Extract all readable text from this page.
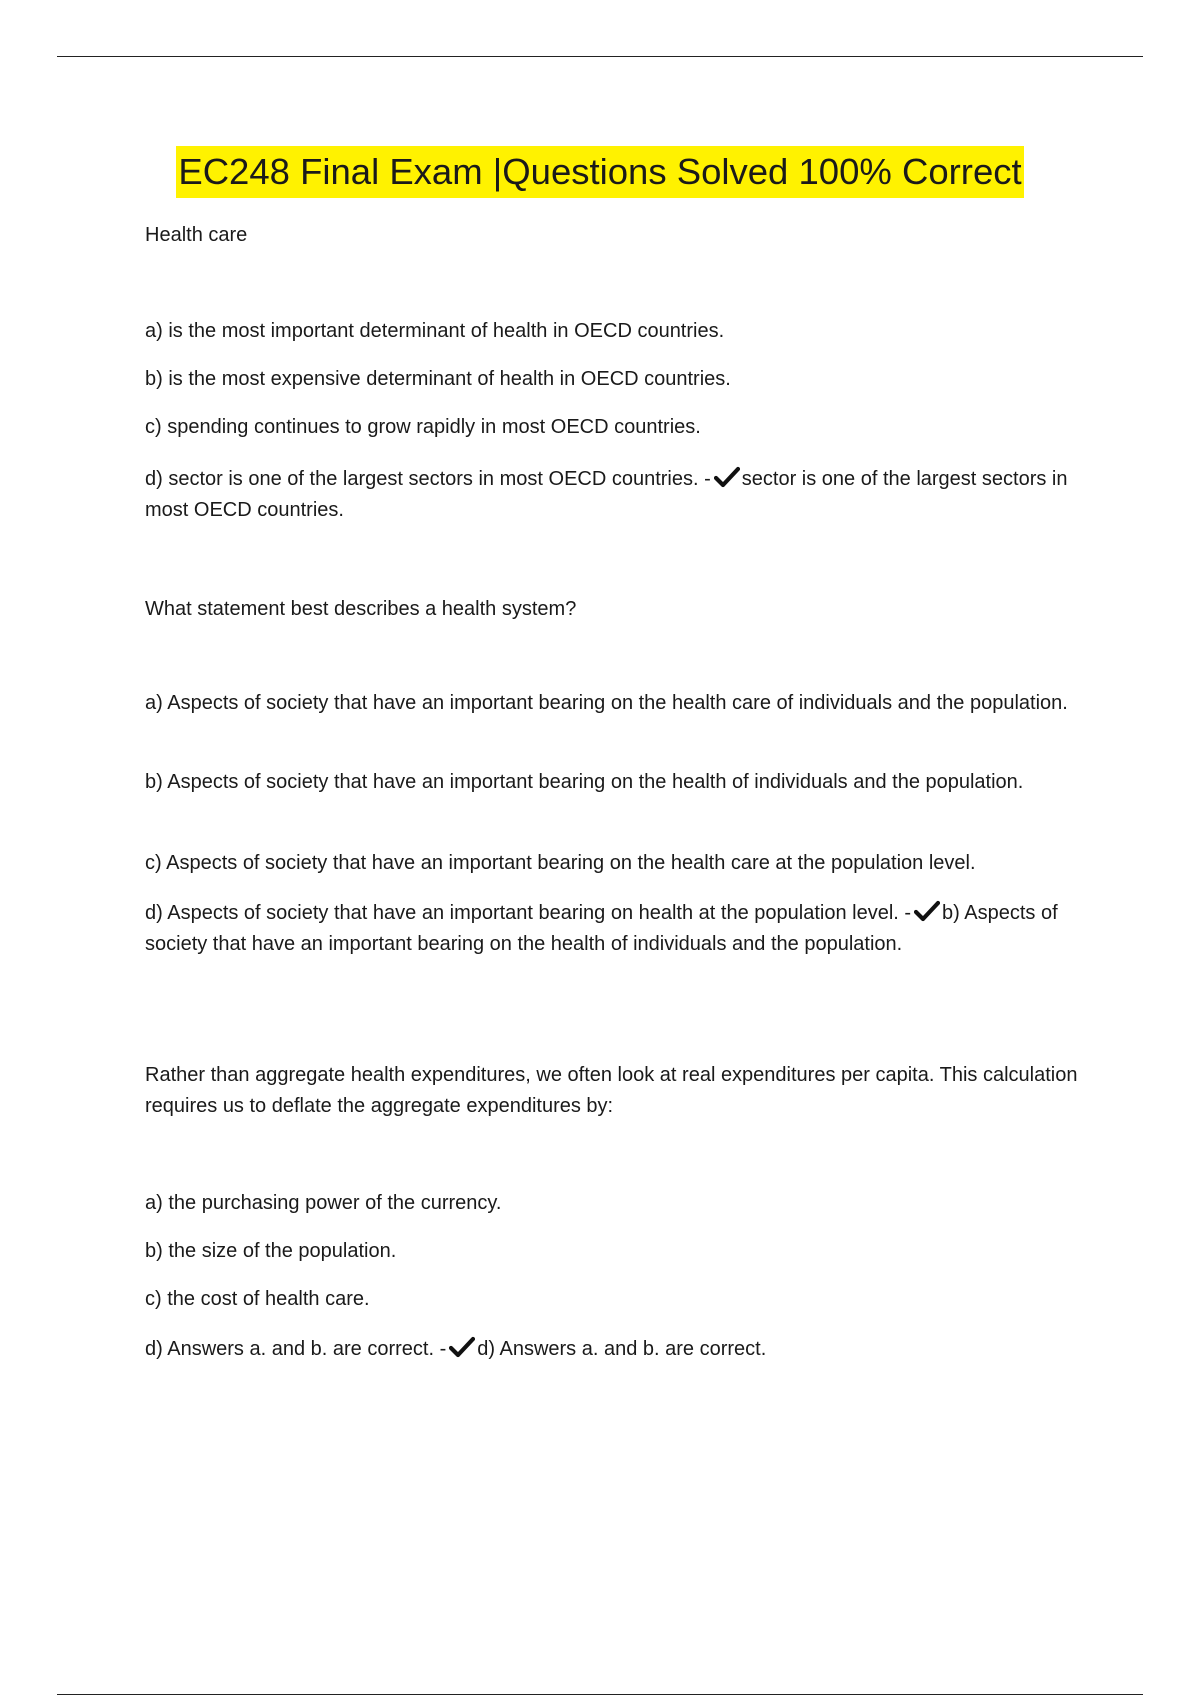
EC248 Final Exam |Questions Solved 100% Correct
Health care
a) is the most important determinant of health in OECD countries.
b) is the most expensive determinant of health in OECD countries.
c) spending continues to grow rapidly in most OECD countries.
d) sector is one of the largest sectors in most OECD countries. - sector is one of the largest sectors in most OECD countries.
What statement best describes a health system?
a) Aspects of society that have an important bearing on the health care of individuals and the population.
b) Aspects of society that have an important bearing on the health of individuals and the population.
c) Aspects of society that have an important bearing on the health care at the population level.
d) Aspects of society that have an important bearing on health at the population level. - b) Aspects of society that have an important bearing on the health of individuals and the population.
Rather than aggregate health expenditures, we often look at real expenditures per capita. This calculation requires us to deflate the aggregate expenditures by:
a) the purchasing power of the currency.
b) the size of the population.
c) the cost of health care.
d) Answers a. and b. are correct. - d) Answers a. and b. are correct.
